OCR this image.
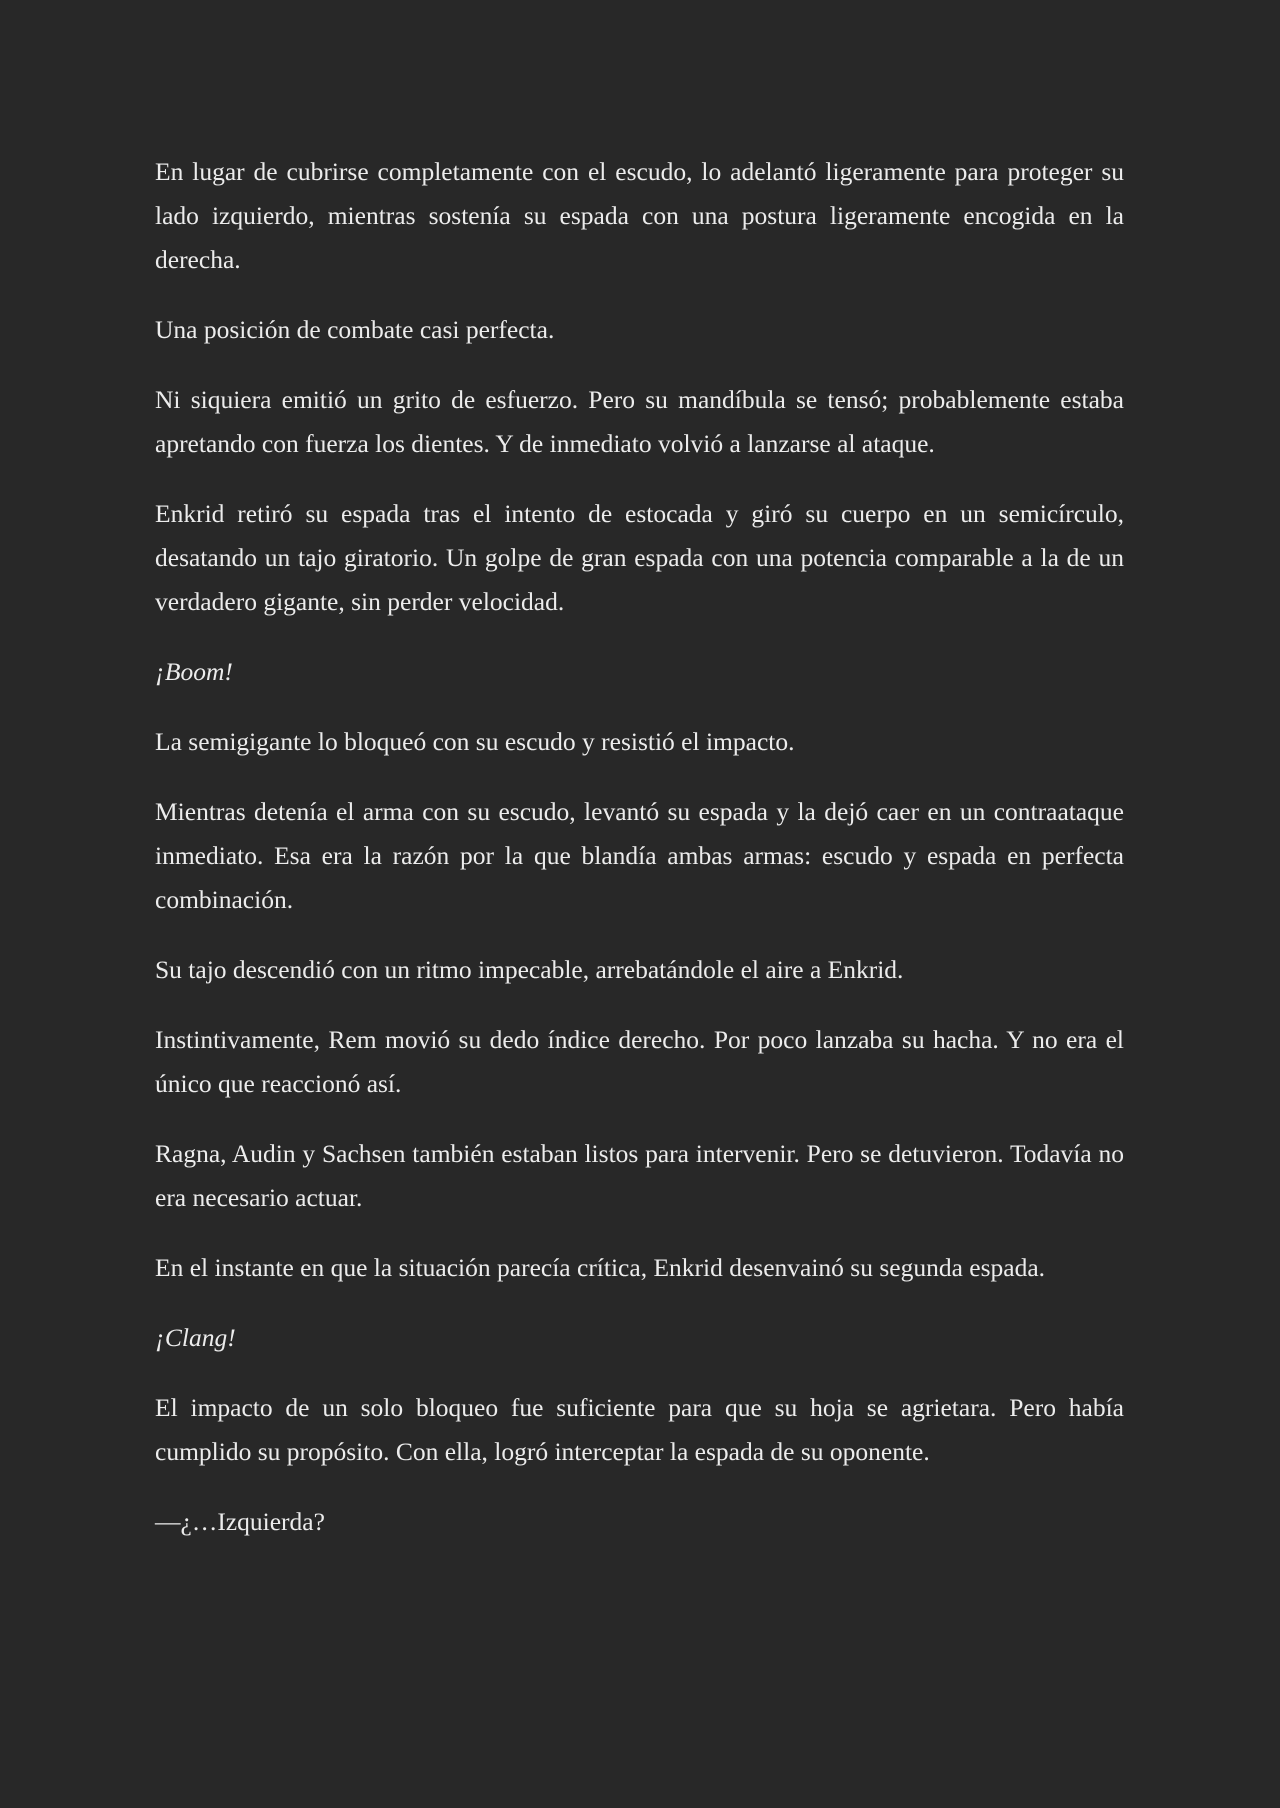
En lugar de cubrirse completamente con el escudo, lo adelantó ligeramente para proteger su lado izquierdo, mientras sostenía su espada con una postura ligeramente encogida en la derecha.

Una posición de combate casi perfecta.

Ni siquiera emitió un grito de esfuerzo. Pero su mandíbula se tensó; probablemente estaba apretando con fuerza los dientes. Y de inmediato volvió a lanzarse al ataque.

Enkrid retiró su espada tras el intento de estocada y giró su cuerpo en un semicírculo, desatando un tajo giratorio. Un golpe de gran espada con una potencia comparable a la de un verdadero gigante, sin perder velocidad.

¡Boom!

La semigigante lo bloqueó con su escudo y resistió el impacto.

Mientras detenía el arma con su escudo, levantó su espada y la dejó caer en un contraataque inmediato. Esa era la razón por la que blandía ambas armas: escudo y espada en perfecta combinación.

Su tajo descendió con un ritmo impecable, arrebatándole el aire a Enkrid.

Instintivamente, Rem movió su dedo índice derecho. Por poco lanzaba su hacha. Y no era el único que reaccionó así.

Ragna, Audin y Sachsen también estaban listos para intervenir. Pero se detuvieron. Todavía no era necesario actuar.

En el instante en que la situación parecía crítica, Enkrid desenvainó su segunda espada.

¡Clang!

El impacto de un solo bloqueo fue suficiente para que su hoja se agrietara. Pero había cumplido su propósito. Con ella, logró interceptar la espada de su oponente.

—¿…Izquierda?
